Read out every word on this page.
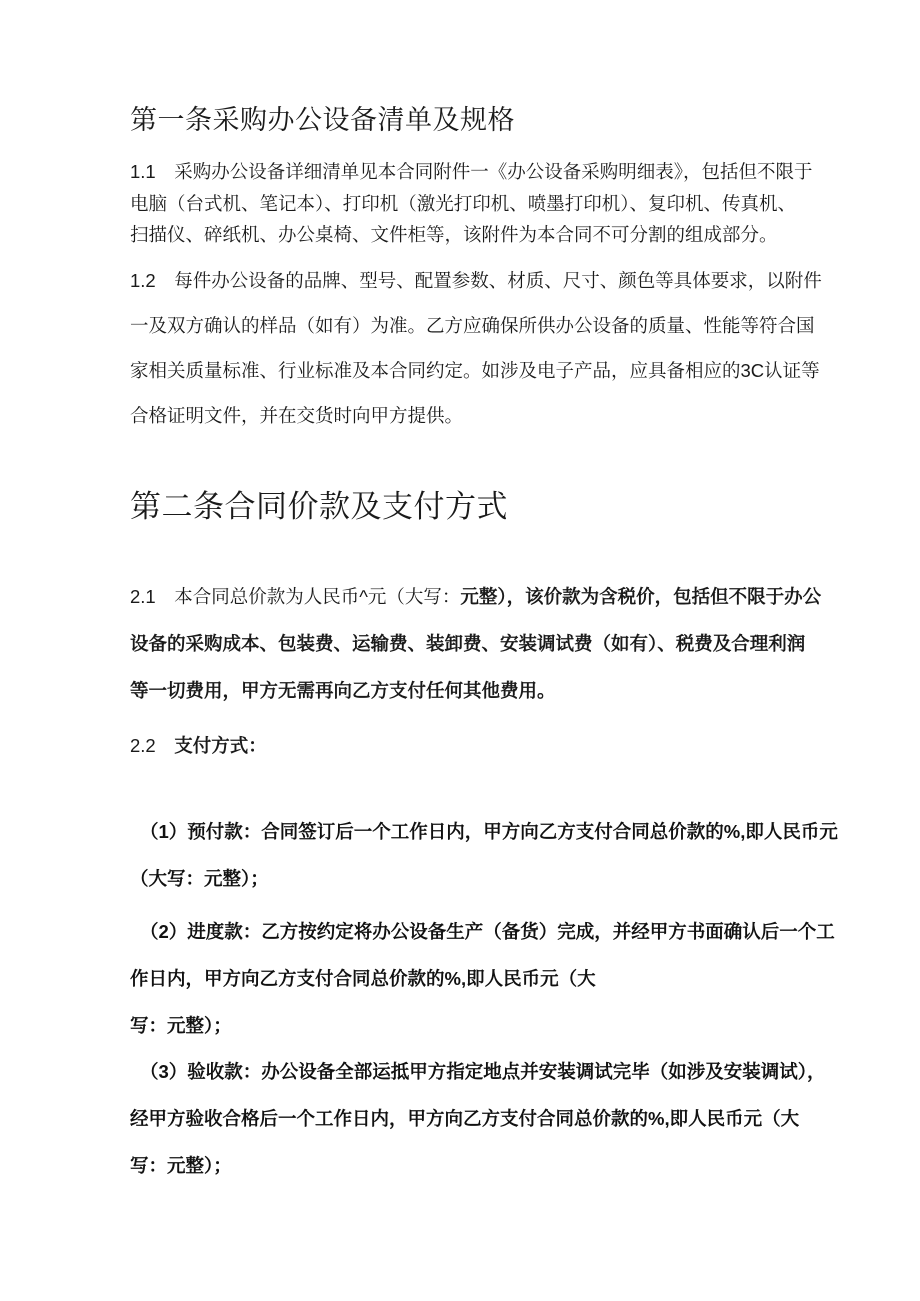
第一条采购办公设备清单及规格
1.1　采购办公设备详细清单见本合同附件一《办公设备采购明细表》，包括但不限于
电脑（台式机、笔记本）、打印机（激光打印机、喷墨打印机）、复印机、传真机、
扫描仪、碎纸机、办公桌椅、文件柜等，该附件为本合同不可分割的组成部分。
1.2　每件办公设备的品牌、型号、配置参数、材质、尺寸、颜色等具体要求，以附件
一及双方确认的样品（如有）为准。乙方应确保所供办公设备的质量、性能等符合国
家相关质量标准、行业标准及本合同约定。如涉及电子产品，应具备相应的3C认证等
合格证明文件，并在交货时向甲方提供。
第二条合同价款及支付方式
2.1　本合同总价款为人民币^元（大写：元整），该价款为含税价，包括但不限于办公
设备的采购成本、包装费、运输费、装卸费、安装调试费（如有）、税费及合理利润
等一切费用，甲方无需再向乙方支付任何其他费用。
2.2　支付方式：
（1）预付款：合同签订后一个工作日内，甲方向乙方支付合同总价款的%,即人民币元
（大写：元整）；
（2）进度款：乙方按约定将办公设备生产（备货）完成，并经甲方书面确认后一个工
作日内，甲方向乙方支付合同总价款的%,即人民币元（大
写：元整）；
（3）验收款：办公设备全部运抵甲方指定地点并安装调试完毕（如涉及安装调试），
经甲方验收合格后一个工作日内，甲方向乙方支付合同总价款的%,即人民币元（大
写：元整）；
